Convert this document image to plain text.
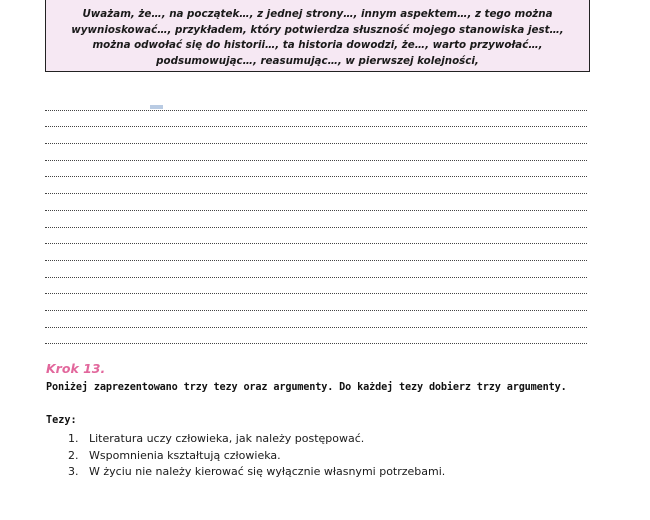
Uważam, że…, na początek…, z jednej strony…, innym aspektem…, z tego można wywnioskować…, przykładem, który potwierdza słuszność mojego stanowiska jest…, można odwołać się do historii…, ta historia dowodzi, że…, warto przywołać…, podsumowując…, reasumując…, w pierwszej kolejności,
Krok 13.
Poniżej zaprezentowano trzy tezy oraz argumenty. Do każdej tezy dobierz trzy argumenty.
Tezy:
1. Literatura uczy człowieka, jak należy postępować.
2. Wspomnienia kształtują człowieka.
3. W życiu nie należy kierować się wyłącznie własnymi potrzebami.
